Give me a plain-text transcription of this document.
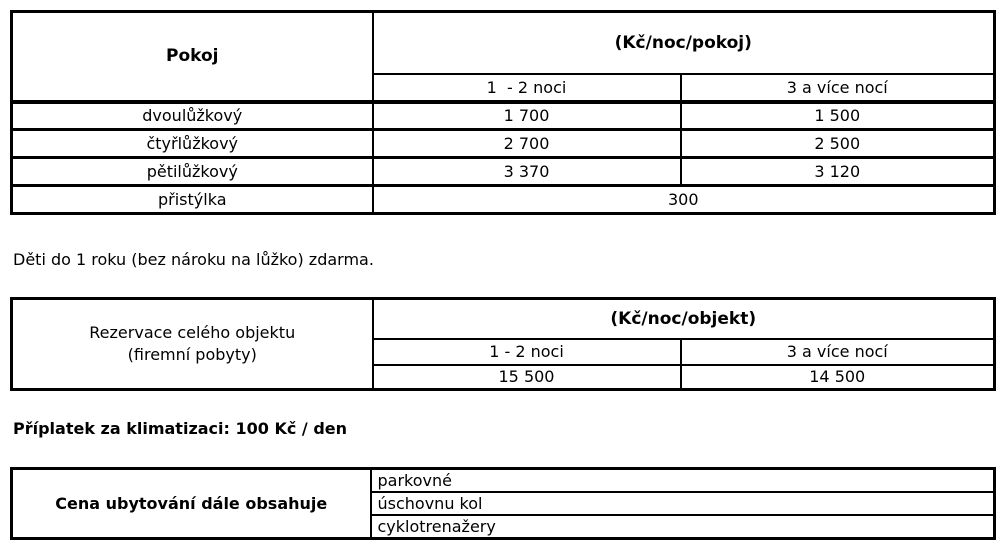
Pokoj	(Kč/noc/pokoj)	
	1  - 2 noci	3 a více nocí
dvoulůžkový	1 700	1 500
čtyřlůžkový	2 700	2 500
pětilůžkový	3 370	3 120
přistýlka	300	

Děti do 1 roku (bez nároku na lůžko) zdarma.

Rezervace celého objektu
(firemní pobyty)	(Kč/noc/objekt)	
	1 - 2 noci	3 a více nocí
	15 500	14 500

Příplatek za klimatizaci: 100 Kč / den

Cena ubytování dále obsahuje	parkovné
úschovnu kol
cyklotrenažery
